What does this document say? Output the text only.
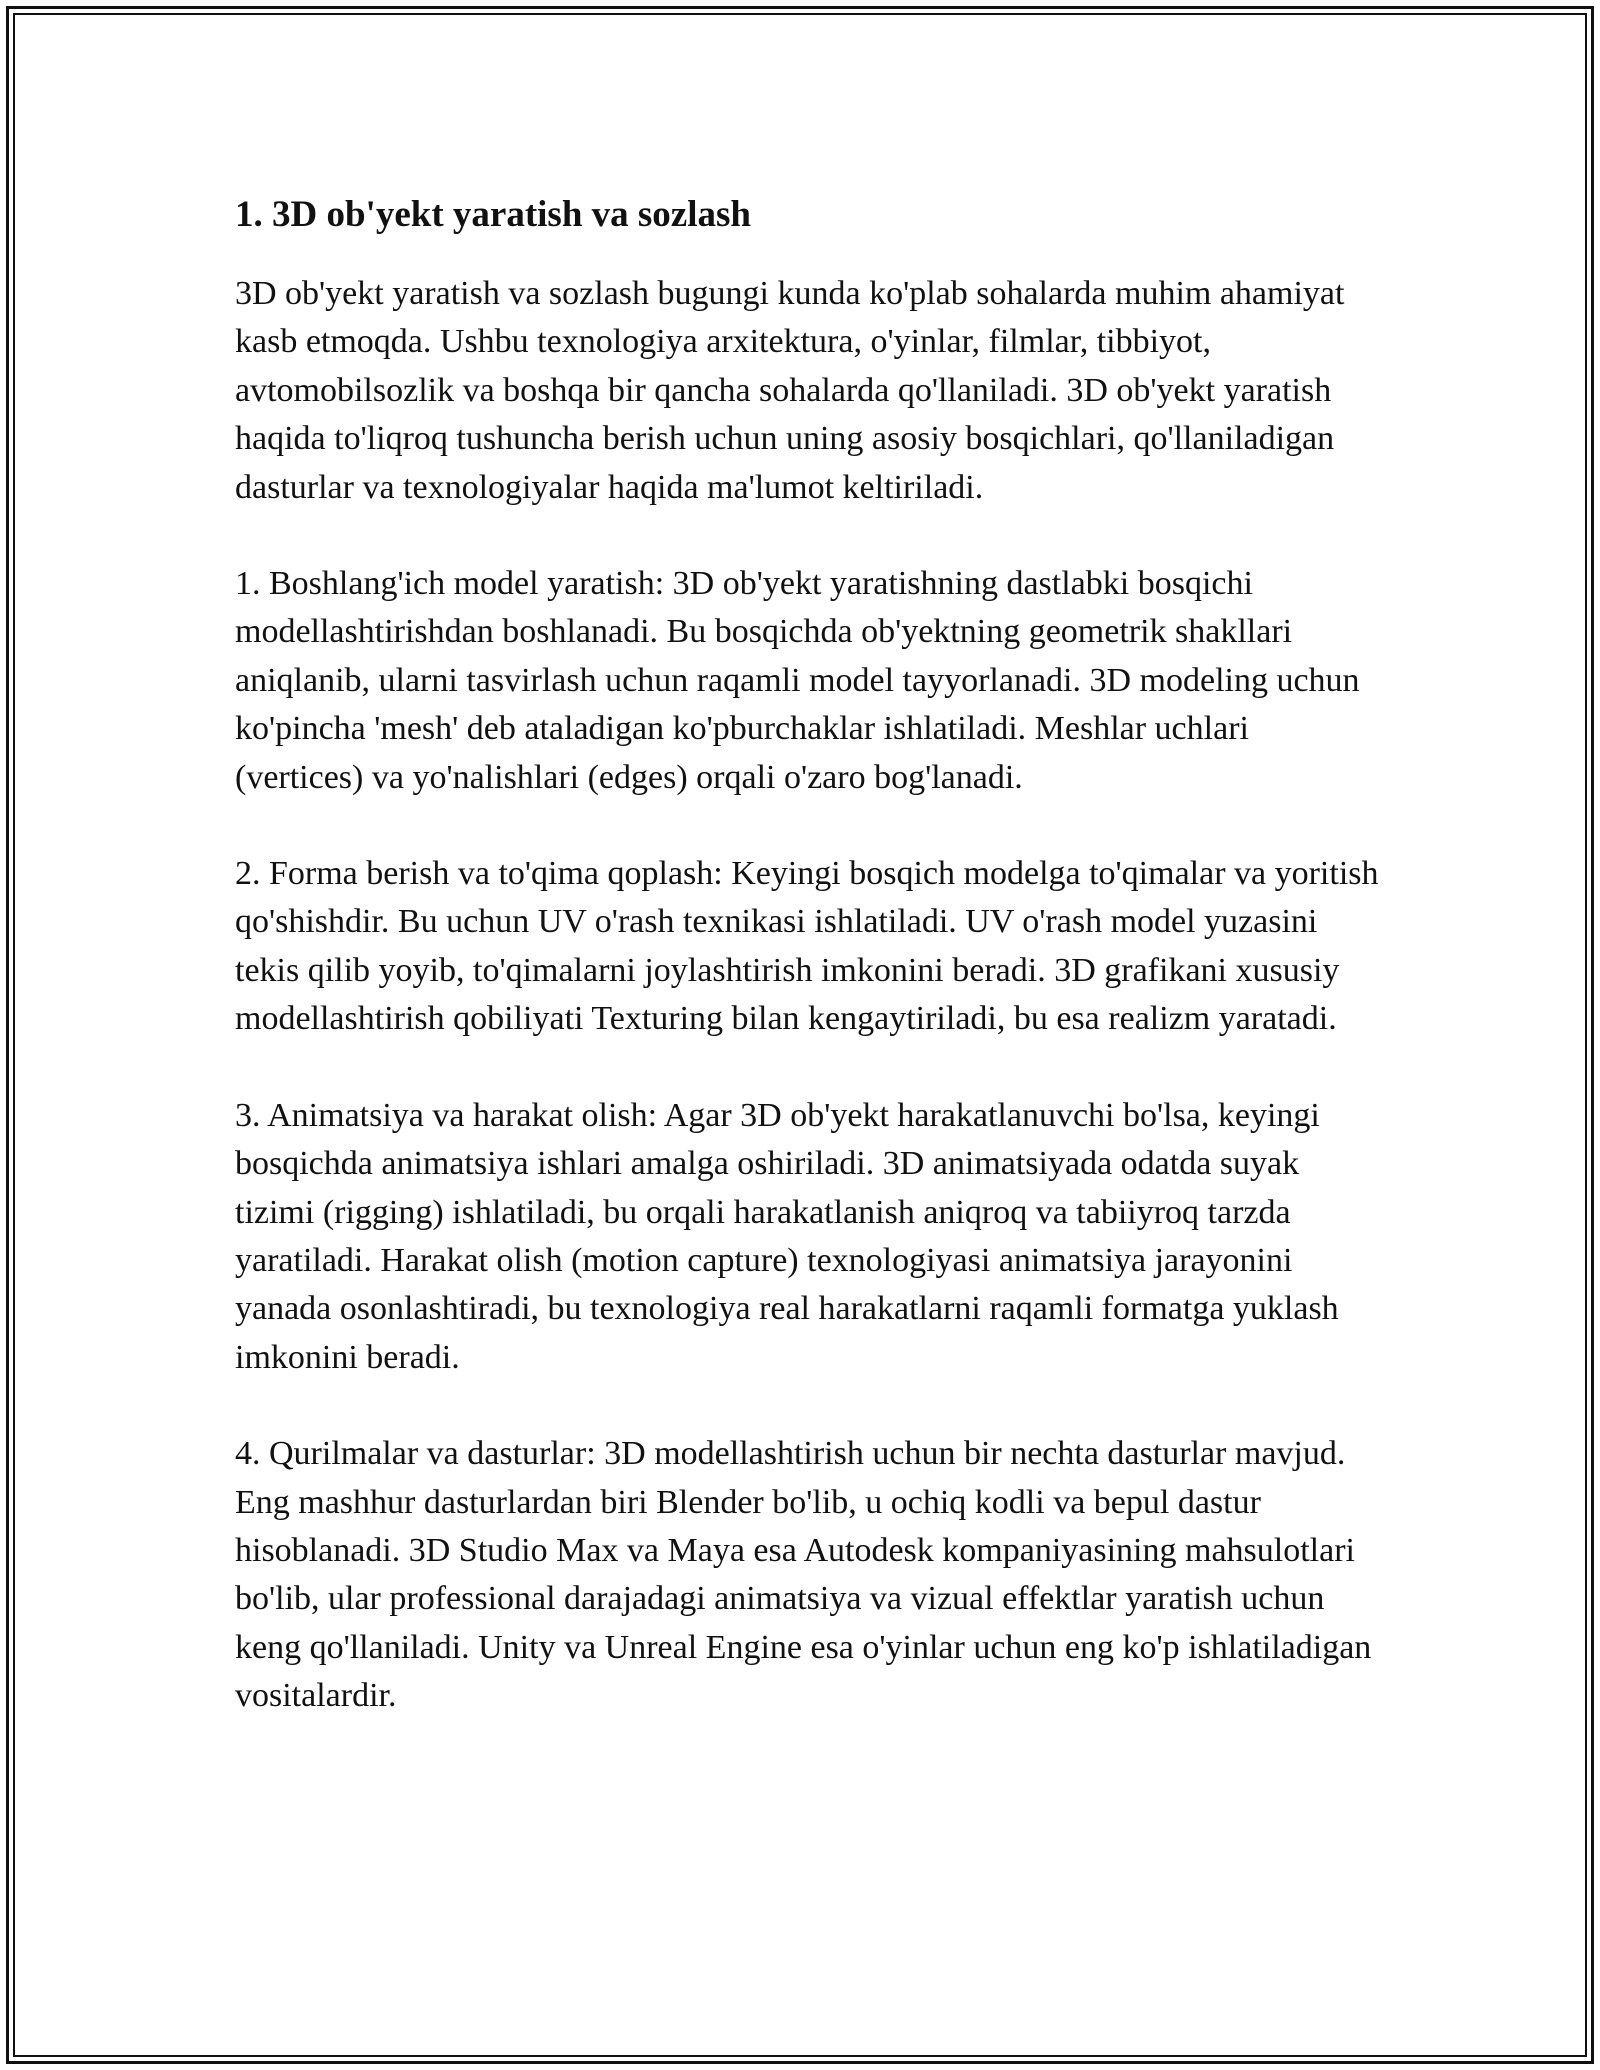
1. 3D ob'yekt yaratish va sozlash

3D ob'yekt yaratish va sozlash bugungi kunda ko'plab sohalarda muhim ahamiyat kasb etmoqda. Ushbu texnologiya arxitektura, o'yinlar, filmlar, tibbiyot, avtomobilsozlik va boshqa bir qancha sohalarda qo'llaniladi. 3D ob'yekt yaratish haqida to'liqroq tushuncha berish uchun uning asosiy bosqichlari, qo'llaniladigan dasturlar va texnologiyalar haqida ma'lumot keltiriladi.

1. Boshlang'ich model yaratish: 3D ob'yekt yaratishning dastlabki bosqichi modellashtirishdan boshlanadi. Bu bosqichda ob'yektning geometrik shakllari aniqlanib, ularni tasvirlash uchun raqamli model tayyorlanadi. 3D modeling uchun ko'pincha 'mesh' deb ataladigan ko'pburchaklar ishlatiladi. Meshlar uchlari (vertices) va yo'nalishlari (edges) orqali o'zaro bog'lanadi.

2. Forma berish va to'qima qoplash: Keyingi bosqich modelga to'qimalar va yoritish qo'shishdir. Bu uchun UV o'rash texnikasi ishlatiladi. UV o'rash model yuzasini tekis qilib yoyib, to'qimalarni joylashtirish imkonini beradi. 3D grafikani xususiy modellashtirish qobiliyati Texturing bilan kengaytiriladi, bu esa realizm yaratadi.

3. Animatsiya va harakat olish: Agar 3D ob'yekt harakatlanuvchi bo'lsa, keyingi bosqichda animatsiya ishlari amalga oshiriladi. 3D animatsiyada odatda suyak tizimi (rigging) ishlatiladi, bu orqali harakatlanish aniqroq va tabiiyroq tarzda yaratiladi. Harakat olish (motion capture) texnologiyasi animatsiya jarayonini yanada osonlashtiradi, bu texnologiya real harakatlarni raqamli formatga yuklash imkonini beradi.

4. Qurilmalar va dasturlar: 3D modellashtirish uchun bir nechta dasturlar mavjud. Eng mashhur dasturlardan biri Blender bo'lib, u ochiq kodli va bepul dastur hisoblanadi. 3D Studio Max va Maya esa Autodesk kompaniyasining mahsulotlari bo'lib, ular professional darajadagi animatsiya va vizual effektlar yaratish uchun keng qo'llaniladi. Unity va Unreal Engine esa o'yinlar uchun eng ko'p ishlatiladigan vositalardir.
